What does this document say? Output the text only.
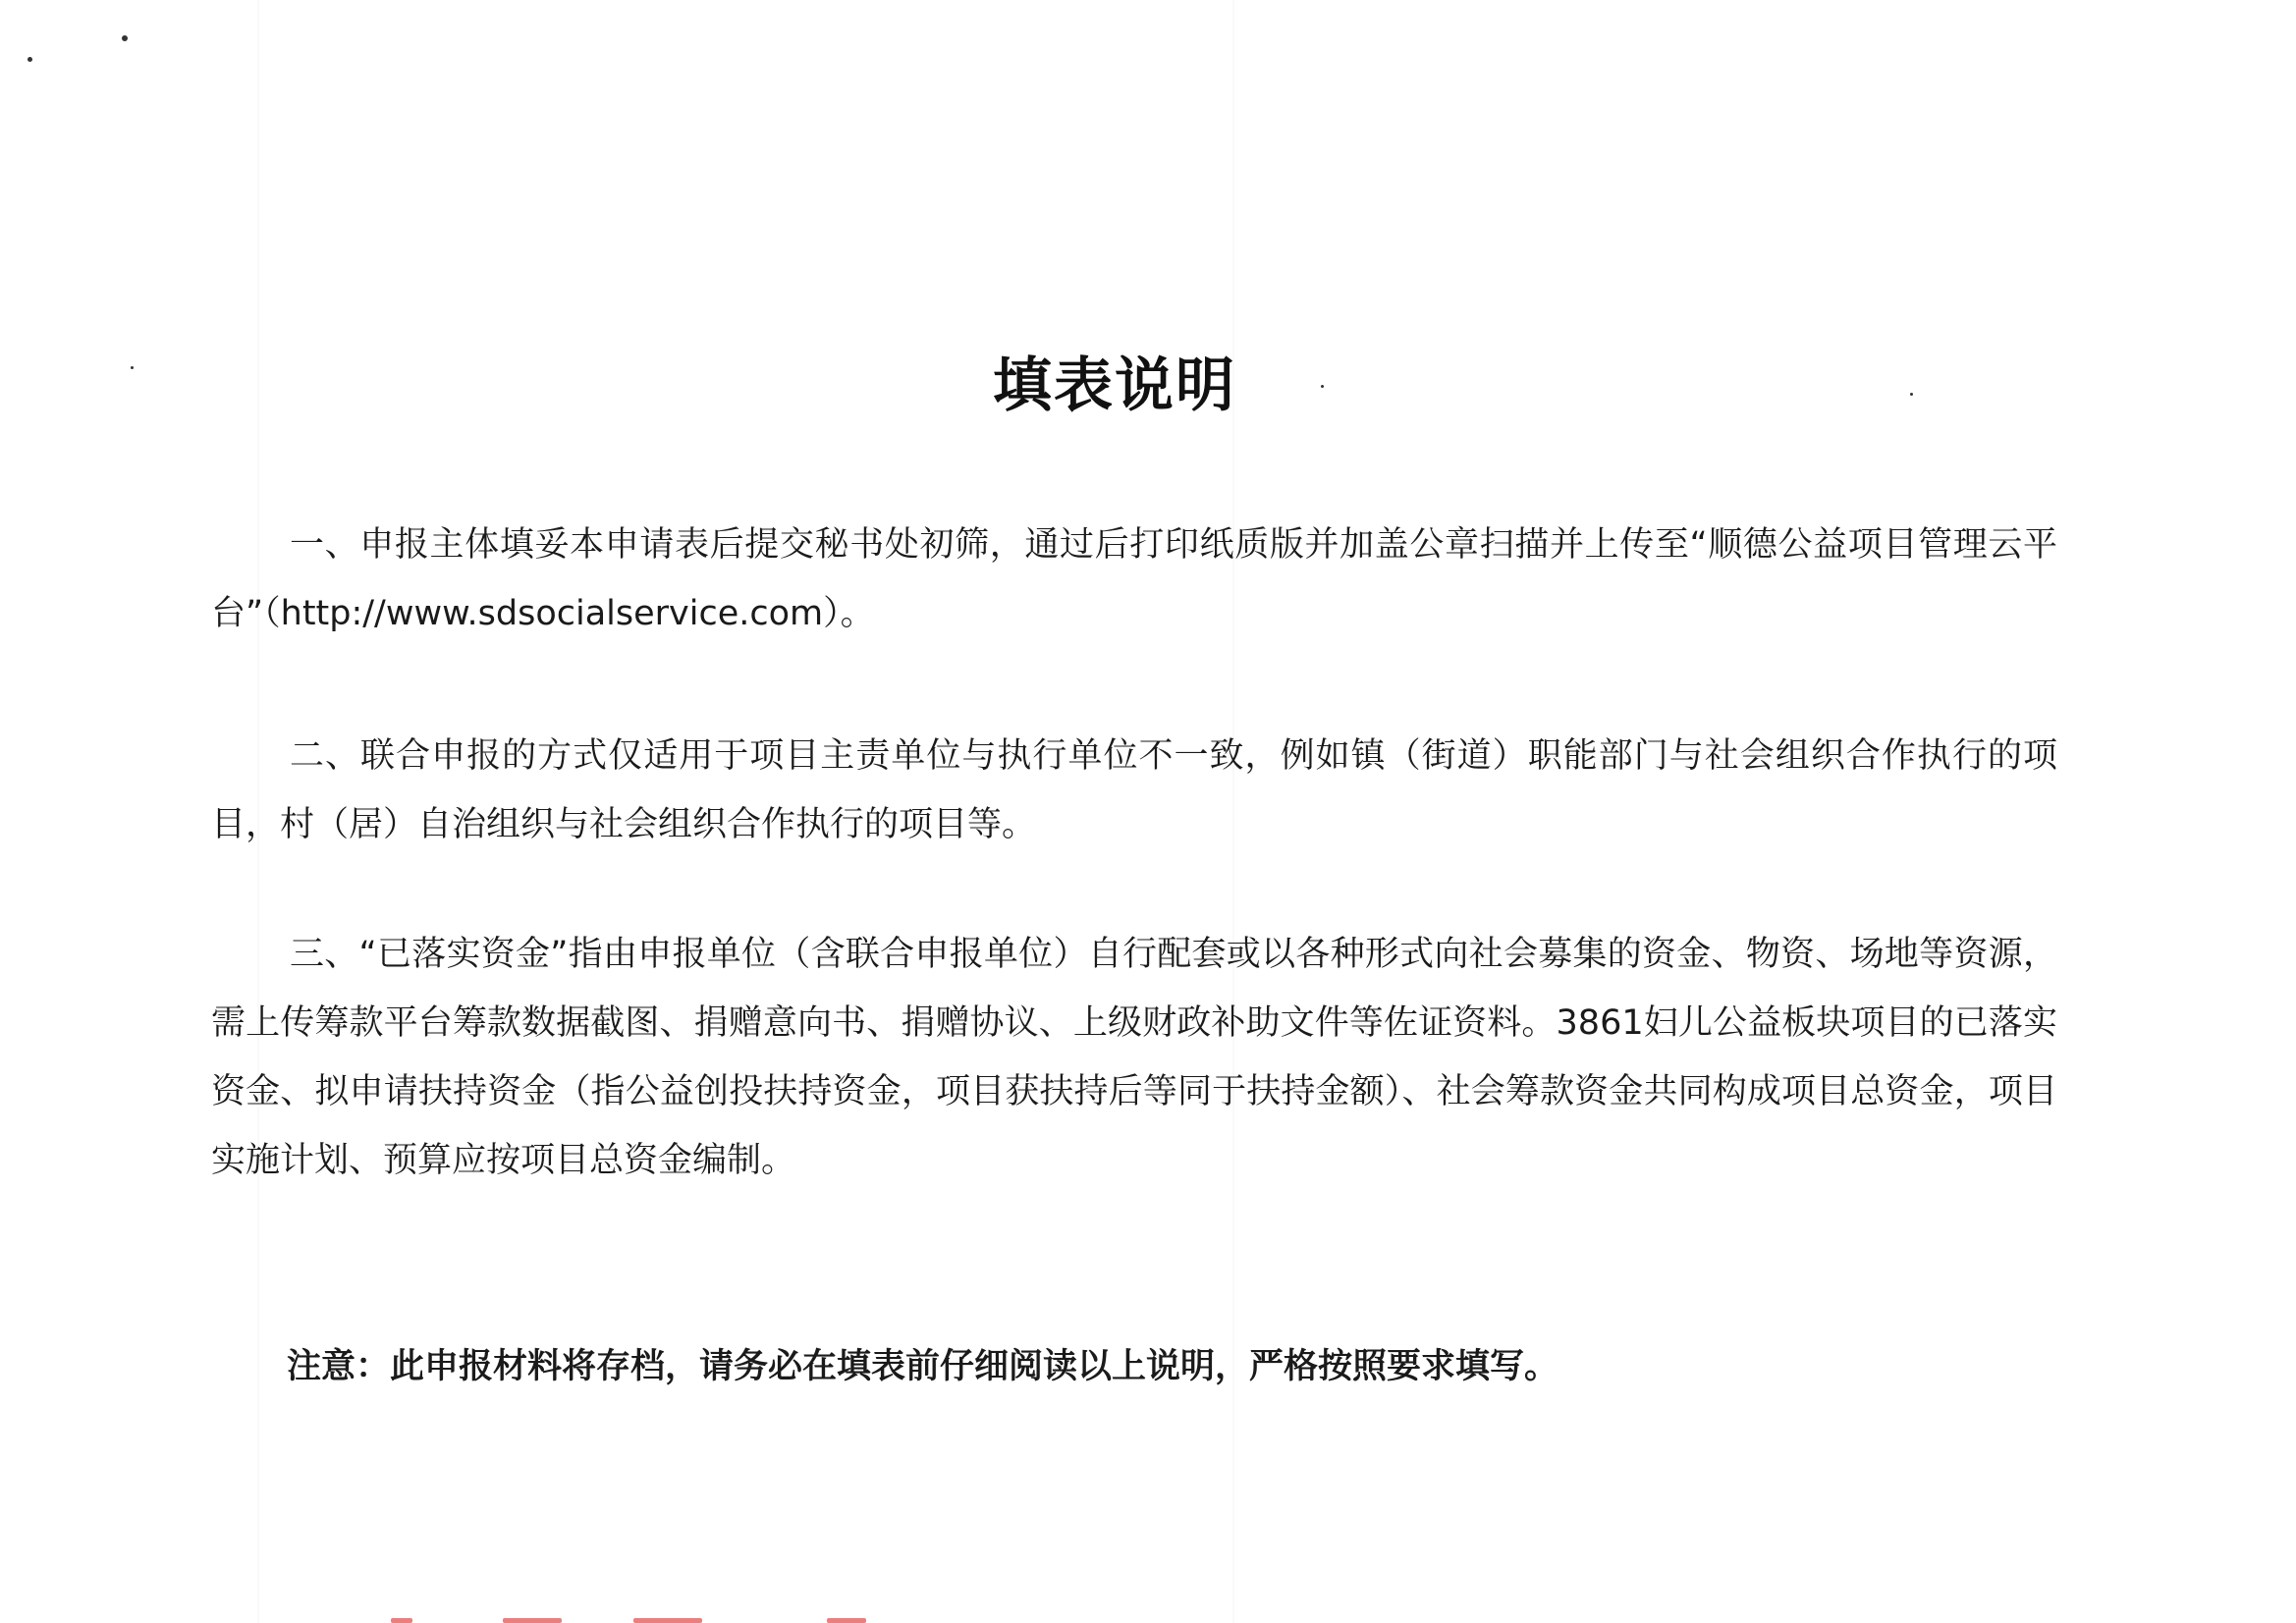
填表说明
一、申报主体填妥本申请表后提交秘书处初筛，通过后打印纸质版并加盖公章扫描并上传至“顺德公益项目管理云平台”（http://www.sdsocialservice.com）。
二、联合申报的方式仅适用于项目主责单位与执行单位不一致，例如镇（街道）职能部门与社会组织合作执行的项目，村（居）自治组织与社会组织合作执行的项目等。
三、“已落实资金”指由申报单位（含联合申报单位）自行配套或以各种形式向社会募集的资金、物资、场地等资源，需上传筹款平台筹款数据截图、捐赠意向书、捐赠协议、上级财政补助文件等佐证资料。3861妇儿公益板块项目的已落实资金、拟申请扶持资金（指公益创投扶持资金，项目获扶持后等同于扶持金额）、社会筹款资金共同构成项目总资金，项目实施计划、预算应按项目总资金编制。
注意：此申报材料将存档，请务必在填表前仔细阅读以上说明，严格按照要求填写。
